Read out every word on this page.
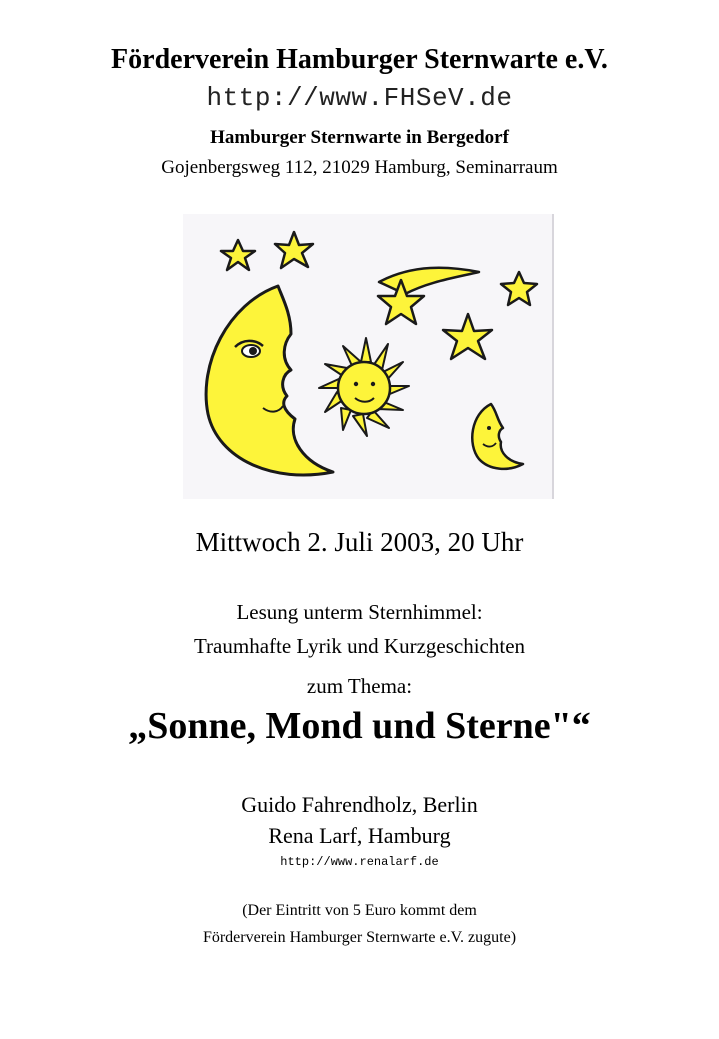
Förderverein Hamburger Sternwarte e.V.
http://www.FHSeV.de
Hamburger Sternwarte in Bergedorf
Gojenbergsweg 112, 21029 Hamburg, Seminarraum
Mittwoch 2. Juli 2003, 20 Uhr
Lesung unterm Sternhimmel:
Traumhafte Lyrik und Kurzgeschichten
zum Thema:
„Sonne, Mond und Sterne"“
Guido Fahrendholz, Berlin
Rena Larf, Hamburg
http://www.renalarf.de
(Der Eintritt von 5 Euro kommt dem
Förderverein Hamburger Sternwarte e.V. zugute)
